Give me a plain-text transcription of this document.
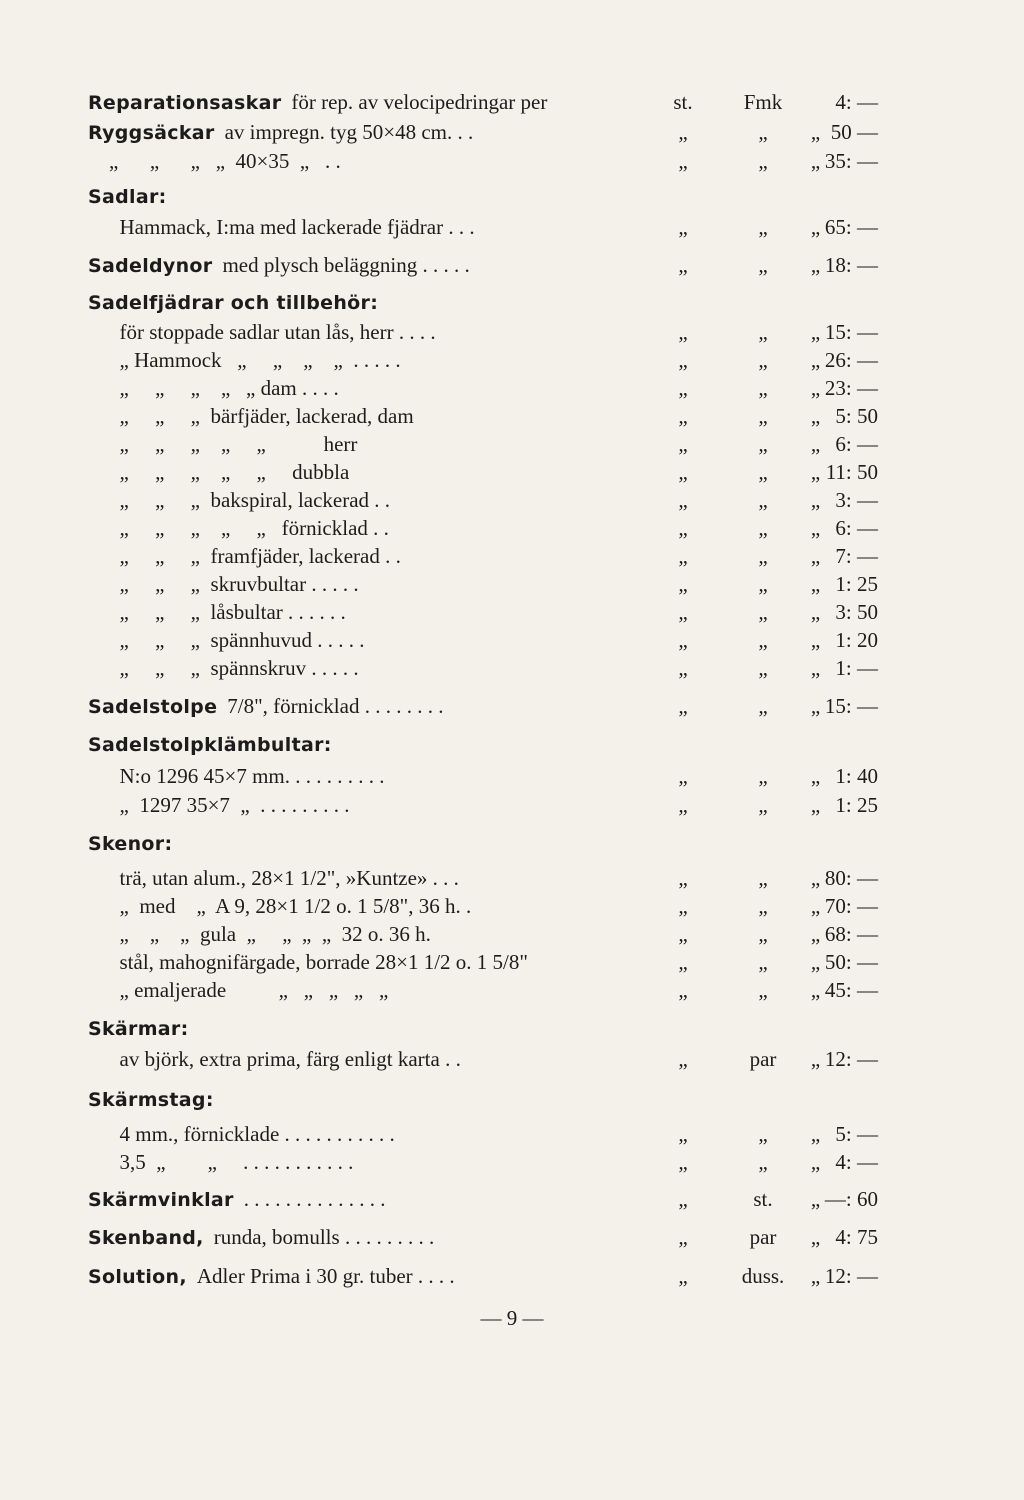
Reparationsaskar för rep. av velocipedringar per	st.	Fmk	4: —
Ryggsäckar av impregn. tyg 50×48 cm. . .	„	„	„ 50 —
„      „      „   „  40×35  „   . .	„	„	„ 35: —
Sadlar:
Hammack, I:ma med lackerade fjädrar . . .	„	„	„ 65: —
Sadeldynor med plysch beläggning . . . . .	„	„	„ 18: —
Sadelfjädrar och tillbehör:
för stoppade sadlar utan lås, herr . . . .	„	„	„ 15: —
„ Hammock   „     „    „    „  . . . . .	„	„	„ 26: —
„     „     „    „   „ dam . . . .	„	„	„ 23: —
„     „     „  bärfjäder, lackerad, dam	„	„	„ 5: 50
„     „     „    „     „           herr	„	„	„ 6: —
„     „     „    „     „     dubbla	„	„	„ 11: 50
„     „     „  bakspiral, lackerad . .	„	„	„ 3: —
„     „     „    „     „   förnicklad . .	„	„	„ 6: —
„     „     „  framfjäder, lackerad . .	„	„	„ 7: —
„     „     „  skruvbultar . . . . .	„	„	„ 1: 25
„     „     „  låsbultar . . . . . .	„	„	„ 3: 50
„     „     „  spännhuvud . . . . .	„	„	„ 1: 20
„     „     „  spännskruv . . . . .	„	„	„ 1: —
Sadelstolpe 7/8", förnicklad . . . . . . . .	„	„	„ 15: —
Sadelstolpklämbultar:
N:o 1296 45×7 mm. . . . . . . . . .	„	„	„ 1: 40
„  1297 35×7  „  . . . . . . . . .	„	„	„ 1: 25
Skenor:
trä, utan alum., 28×1 1/2", »Kuntze» . . .	„	„	„ 80: —
„  med    „  A 9, 28×1 1/2 o. 1 5/8", 36 h. .	„	„	„ 70: —
„    „    „  gula  „     „  „  „  32 o. 36 h.	„	„	„ 68: —
stål, mahognifärgade, borrade 28×1 1/2 o. 1 5/8"	„	„	„ 50: —
„ emaljerade          „   „   „   „   „	„	„	„ 45: —
Skärmar:
av björk, extra prima, färg enligt karta . .	„	par	„ 12: —
Skärmstag:
4 mm., förnicklade . . . . . . . . . . .	„	„	„ 5: —
3,5  „        „     . . . . . . . . . . .	„	„	„ 4: —
Skärmvinklar . . . . . . . . . . . . . .	„	st.	„ —: 60
Skenband, runda, bomulls . . . . . . . . .	„	par	„ 4: 75
Solution, Adler Prima i 30 gr. tuber . . . .	„	duss.	„ 12: —
— 9 —
